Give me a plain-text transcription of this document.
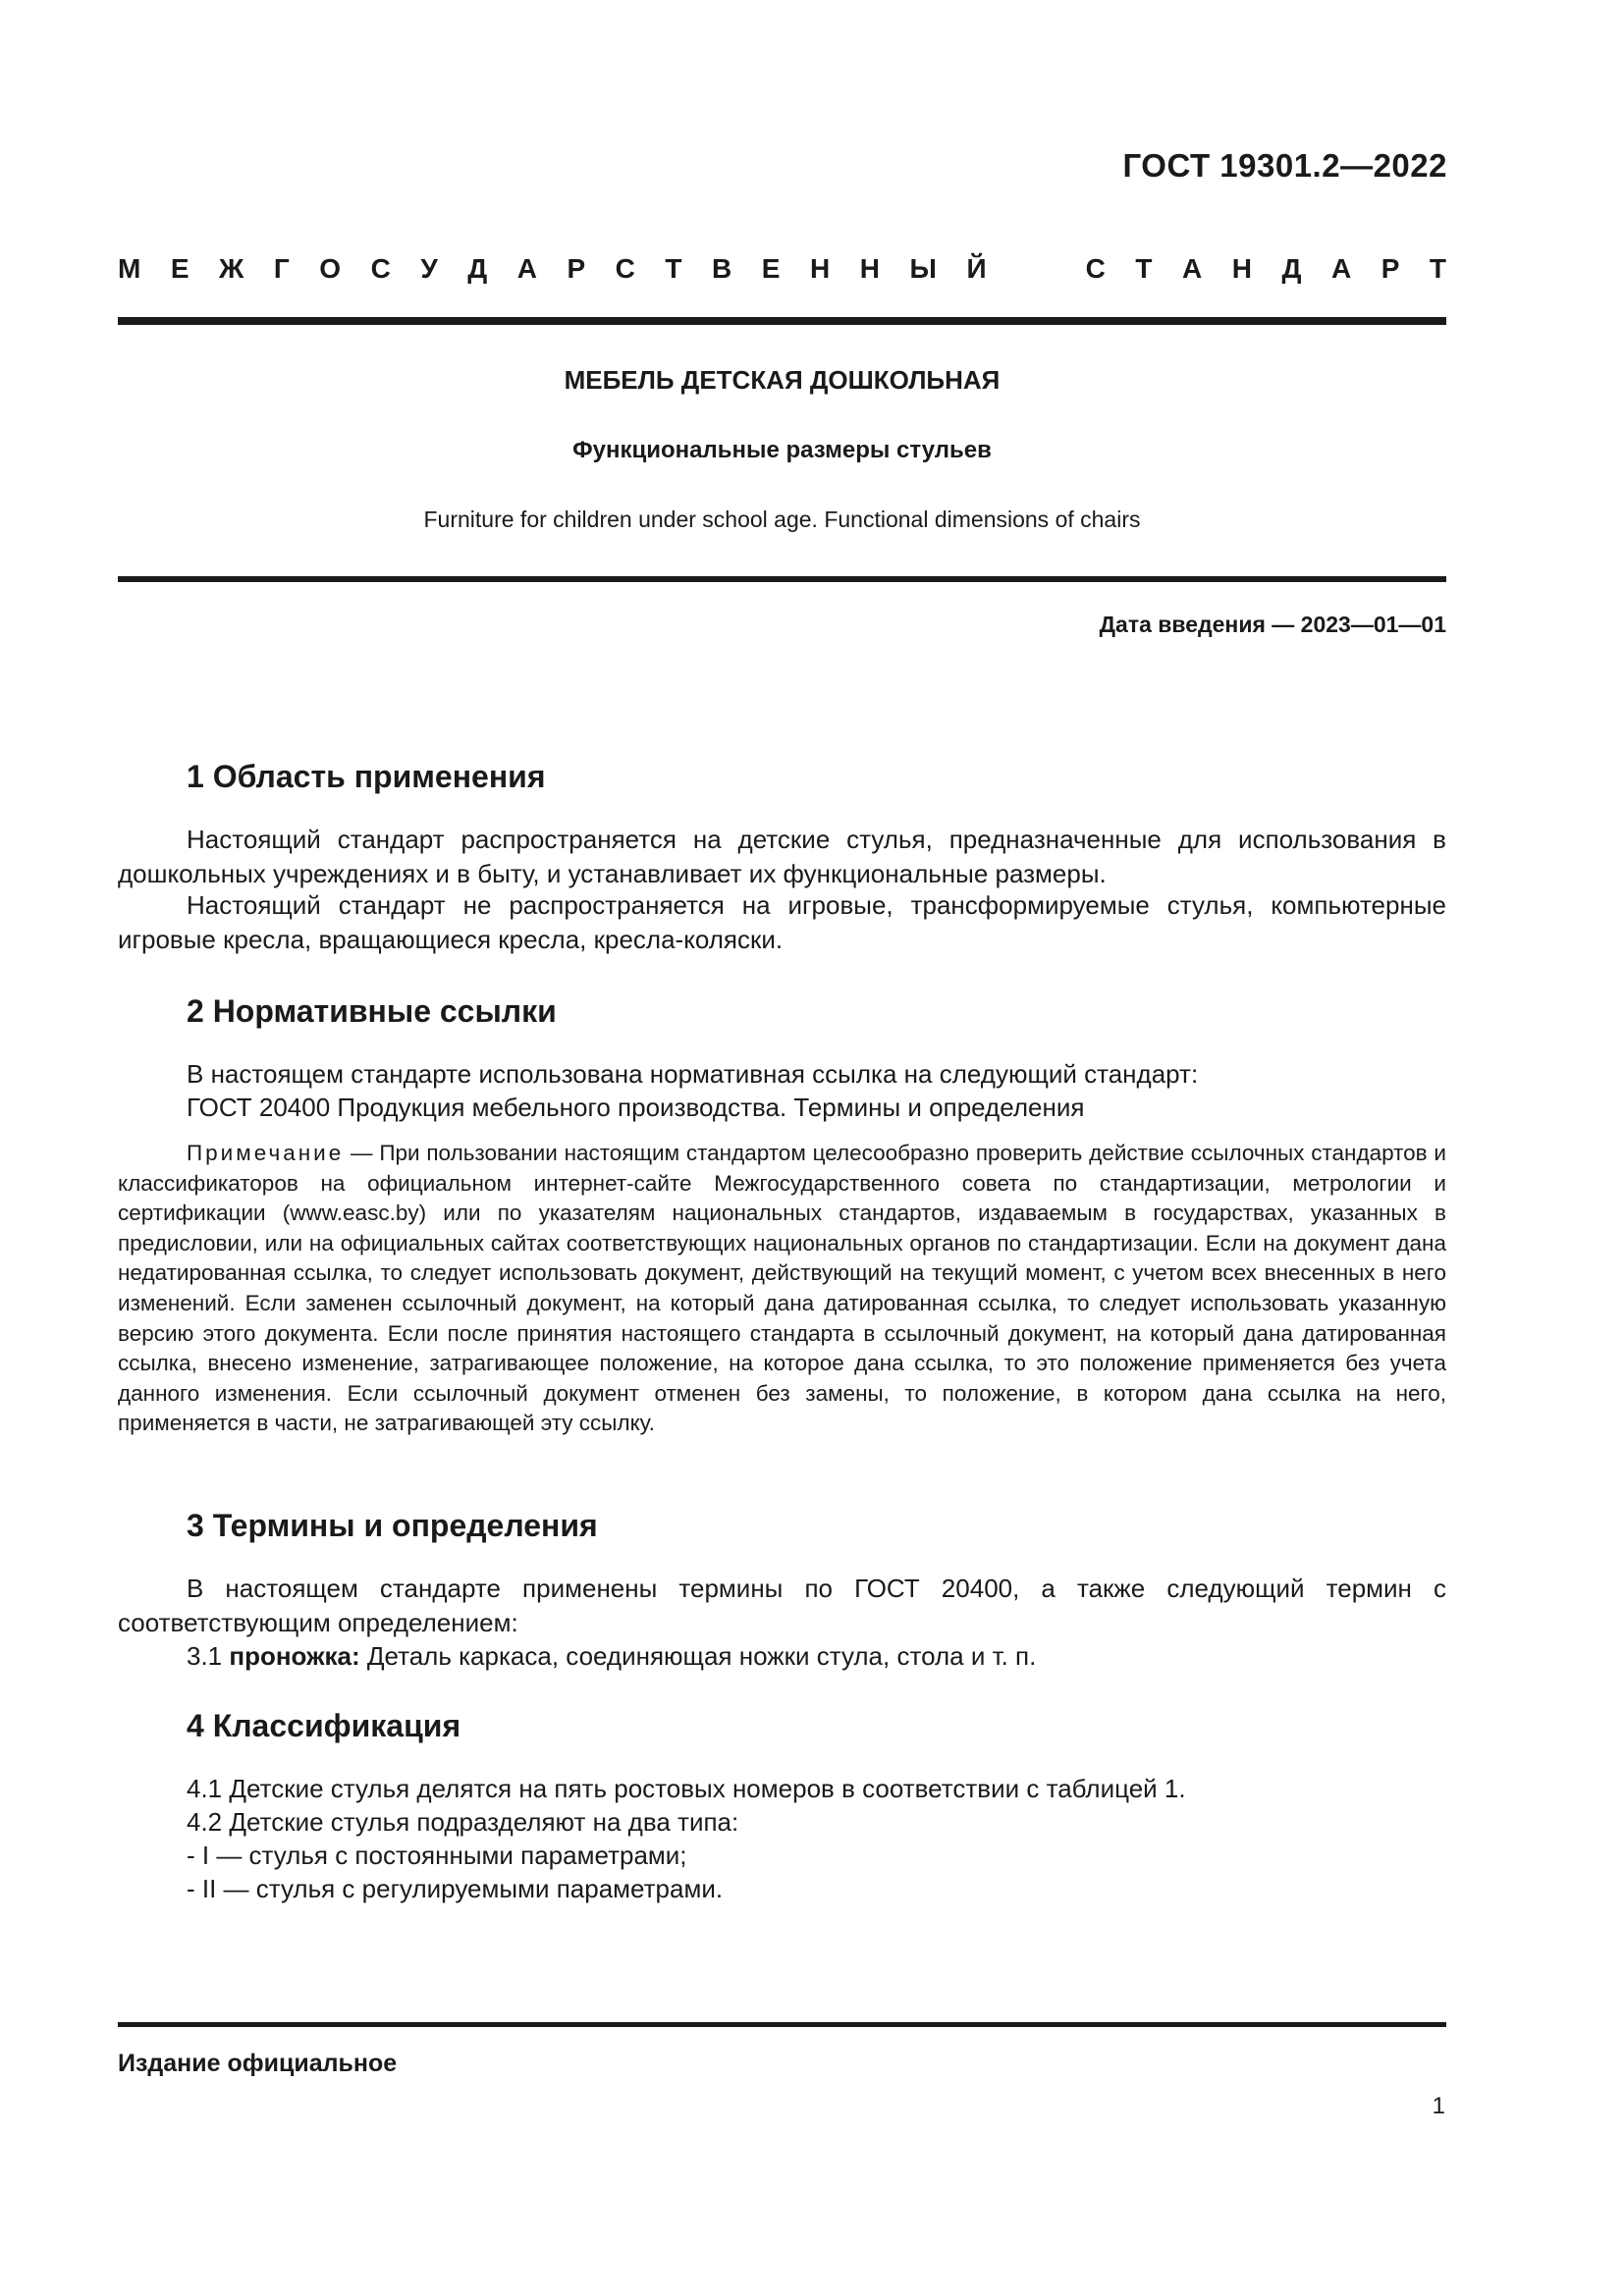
ГОСТ 19301.2—2022
М Е Ж Г О С У Д А Р С Т В Е Н Н Ы Й	С Т А Н Д А Р Т
МЕБЕЛЬ ДЕТСКАЯ ДОШКОЛЬНАЯ
Функциональные размеры стульев
Furniture for children under school age. Functional dimensions of chairs
Дата введения — 2023—01—01
1 Область применения
Настоящий стандарт распространяется на детские стулья, предназначенные для использования в дошкольных учреждениях и в быту, и устанавливает их функциональные размеры.
Настоящий стандарт не распространяется на игровые, трансформируемые стулья, компьютерные игровые кресла, вращающиеся кресла, кресла-коляски.
2 Нормативные ссылки
В настоящем стандарте использована нормативная ссылка на следующий стандарт:
ГОСТ 20400 Продукция мебельного производства. Термины и определения
Примечание — При пользовании настоящим стандартом целесообразно проверить действие ссылочных стандартов и классификаторов на официальном интернет-сайте Межгосударственного совета по стандартизации, метрологии и сертификации (www.easc.by) или по указателям национальных стандартов, издаваемым в государствах, указанных в предисловии, или на официальных сайтах соответствующих национальных органов по стандартизации. Если на документ дана недатированная ссылка, то следует использовать документ, действующий на текущий момент, с учетом всех внесенных в него изменений. Если заменен ссылочный документ, на который дана датированная ссылка, то следует использовать указанную версию этого документа. Если после принятия настоящего стандарта в ссылочный документ, на который дана датированная ссылка, внесено изменение, затрагивающее положение, на которое дана ссылка, то это положение применяется без учета данного изменения. Если ссылочный документ отменен без замены, то положение, в котором дана ссылка на него, применяется в части, не затрагивающей эту ссылку.
3 Термины и определения
В настоящем стандарте применены термины по ГОСТ 20400, а также следующий термин с соответствующим определением:
3.1 проножка: Деталь каркаса, соединяющая ножки стула, стола и т. п.
4 Классификация
4.1 Детские стулья делятся на пять ростовых номеров в соответствии с таблицей 1.
4.2 Детские стулья подразделяют на два типа:
- I — стулья с постоянными параметрами;
- II — стулья с регулируемыми параметрами.
Издание официальное
1
